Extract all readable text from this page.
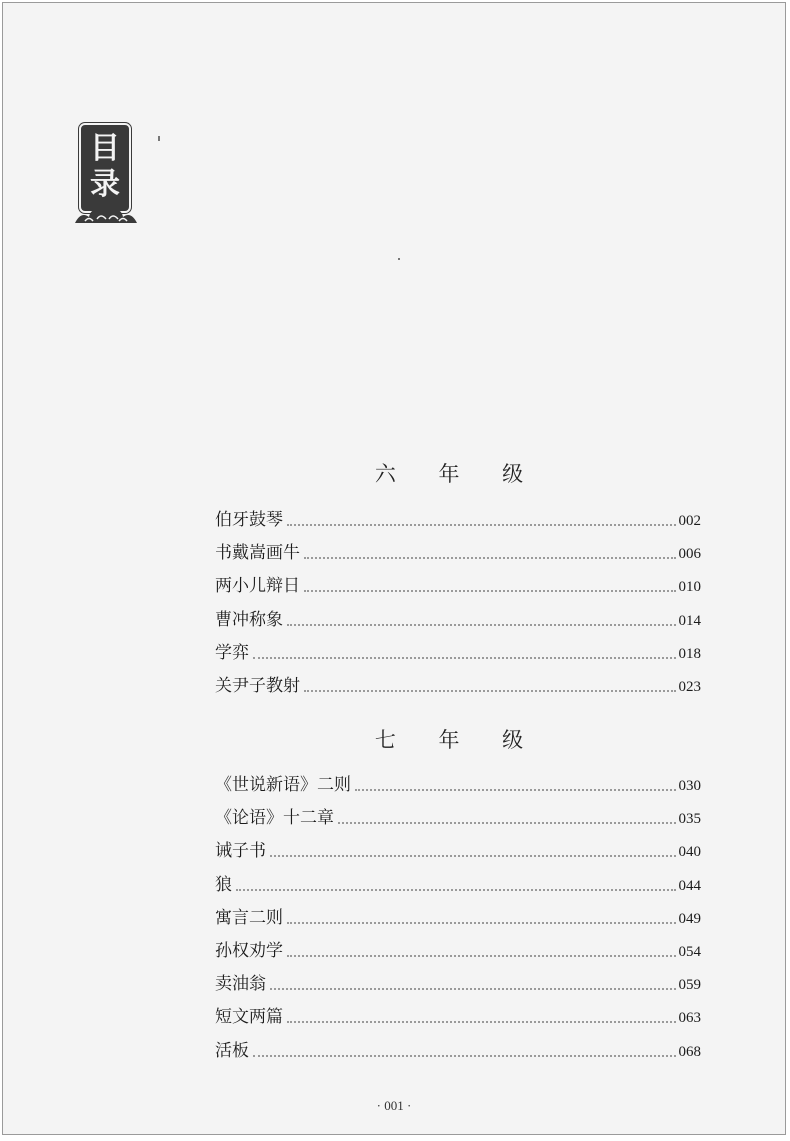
目录
六 年 级
伯牙鼓琴	002
书戴嵩画牛	006
两小儿辩日	010
曹冲称象	014
学弈	018
关尹子教射	023
七 年 级
《世说新语》二则	030
《论语》十二章	035
诫子书	040
狼	044
寓言二则	049
孙权劝学	054
卖油翁	059
短文两篇	063
活板	068
· 001 ·
